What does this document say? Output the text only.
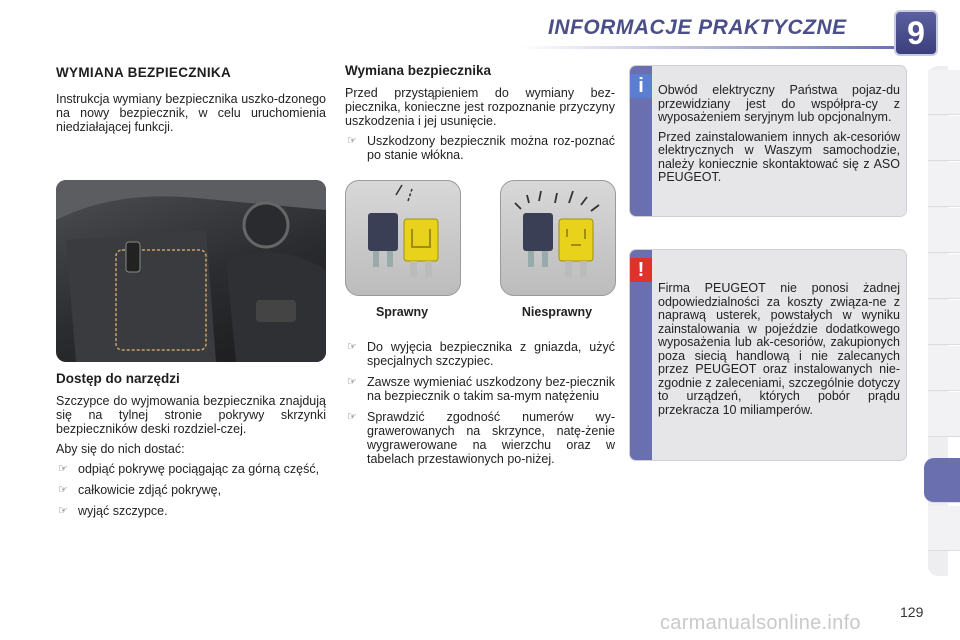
INFORMACJE PRAKTYCZNE	9
WYMIANA BEZPIECZNIKA

Instrukcja wymiany bezpiecznika uszko-dzonego na nowy bezpiecznik, w celu uruchomienia niedziałającej funkcji.

Dostęp do narzędzi

Szczypce do wyjmowania bezpiecznika znajdują się na tylnej stronie pokrywy skrzynki bezpieczników deski rozdziel-czej.

Aby się do nich dostać:

☞ odpiąć pokrywę pociągając za górną część,
☞ całkowicie zdjąć pokrywę,
☞ wyjąć szczypce.
Wymiana bezpiecznika

Przed przystąpieniem do wymiany bez-piecznika, konieczne jest rozpoznanie przyczyny uszkodzenia i jej usunięcie.

☞ Uszkodzony bezpiecznik można roz-poznać po stanie włókna.
Sprawny	Niesprawny
☞ Do wyjęcia bezpiecznika z gniazda, użyć specjalnych szczypiec.
☞ Zawsze wymieniać uszkodzony bez-piecznik na bezpiecznik o takim sa-mym natężeniu
☞ Sprawdzić zgodność numerów wy-grawerowanych na skrzynce, natę-żenie wygrawerowane na wierzchu oraz w tabelach przestawionych po-niżej.
i	Obwód elektryczny Państwa pojaz-du przewidziany jest do współpra-cy z wyposażeniem seryjnym lub opcjonalnym.

Przed zainstalowaniem innych ak-cesoriów elektrycznych w Waszym samochodzie, należy koniecznie skontaktować się z ASO PEUGEOT.

!

Firma PEUGEOT nie ponosi żadnej odpowiedzialności za koszty związa-ne z naprawą usterek, powstałych w wyniku zainstalowania w pojeździe dodatkowego wyposażenia lub ak-cesoriów, zakupionych poza siecią handlową i nie zalecanych przez PEUGEOT oraz instalowanych nie-zgodnie z zaleceniami, szczególnie dotyczy to urządzeń, których pobór prądu przekracza 10 miliamperów.

129
carmanualsonline.info
